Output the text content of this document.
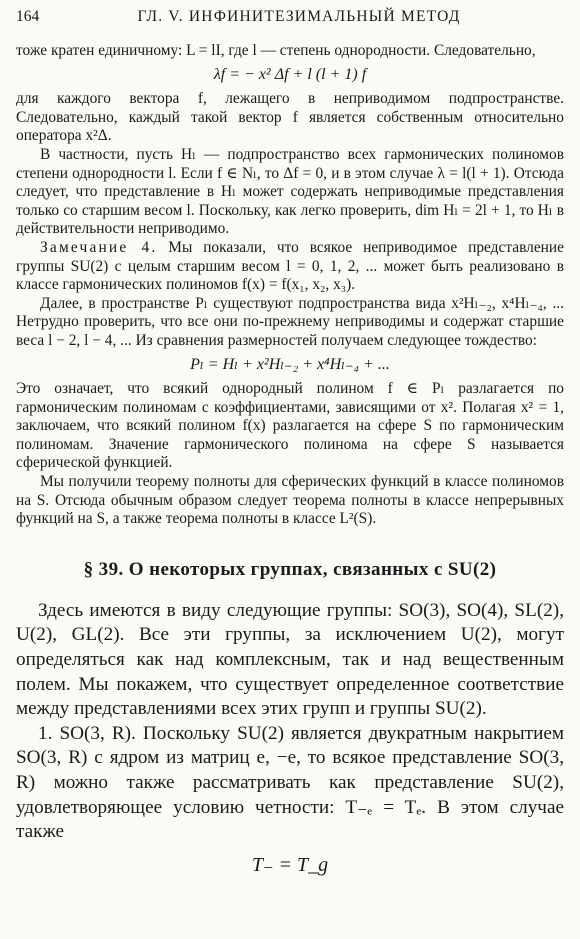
164	ГЛ. V. ИНФИНИТЕЗИМАЛЬНЫЙ МЕТОД

тоже кратен единичному: L = lI, где l — степень однородности. Следовательно,

λf = − x² Δf + l (l + 1) f

для каждого вектора f, лежащего в неприводимом подпространстве. Следовательно, каждый такой вектор f является собственным относительно оператора x²Δ.

В частности, пусть Hₗ — подпространство всех гармонических полиномов степени однородности l. Если f ∈ Nₗ, то Δf = 0, и в этом случае λ = l(l + 1). Отсюда следует, что представление в Hₗ может содержать неприводимые представления только со старшим весом l. Поскольку, как легко проверить, dim Hₗ = 2l + 1, то Hₗ в действительности неприводимо.

Замечание 4. Мы показали, что всякое неприводимое представление группы SU(2) с целым старшим весом l = 0, 1, 2, ... может быть реализовано в классе гармонических полиномов f(x) = f(x₁, x₂, x₃).

Далее, в пространстве Pₗ существуют подпространства вида x²Hₗ₋₂, x⁴Hₗ₋₄, ... Нетрудно проверить, что все они по-прежнему неприводимы и содержат старшие веса l − 2, l − 4, ... Из сравнения размерностей получаем следующее тождество:

Pₗ = Hₗ + x²Hₗ₋₂ + x⁴Hₗ₋₄ + ...

Это означает, что всякий однородный полином f ∈ Pₗ разлагается по гармоническим полиномам с коэффициентами, зависящими от x². Полагая x² = 1, заключаем, что всякий полином f(x) разлагается на сфере S по гармоническим полиномам. Значение гармонического полинома на сфере S называется сферической функцией.

Мы получили теорему полноты для сферических функций в классе полиномов на S. Отсюда обычным образом следует теорема полноты в классе непрерывных функций на S, а также теорема полноты в классе L²(S).

§ 39. О некоторых группах, связанных с SU(2)

Здесь имеются в виду следующие группы: SO(3), SO(4), SL(2), U(2), GL(2). Все эти группы, за исключением U(2), могут определяться как над комплексным, так и над вещественным полем. Мы покажем, что существует определенное соответствие между представлениями всех этих групп и группы SU(2).

1. SO(3, R). Поскольку SU(2) является двукратным накрытием SO(3, R) с ядром из матриц e, −e, то всякое представление SO(3, R) можно также рассматривать как представление SU(2), удовлетворяющее условию четности: T₋ₑ = Tₑ. В этом случае также

T₋ = T_g
